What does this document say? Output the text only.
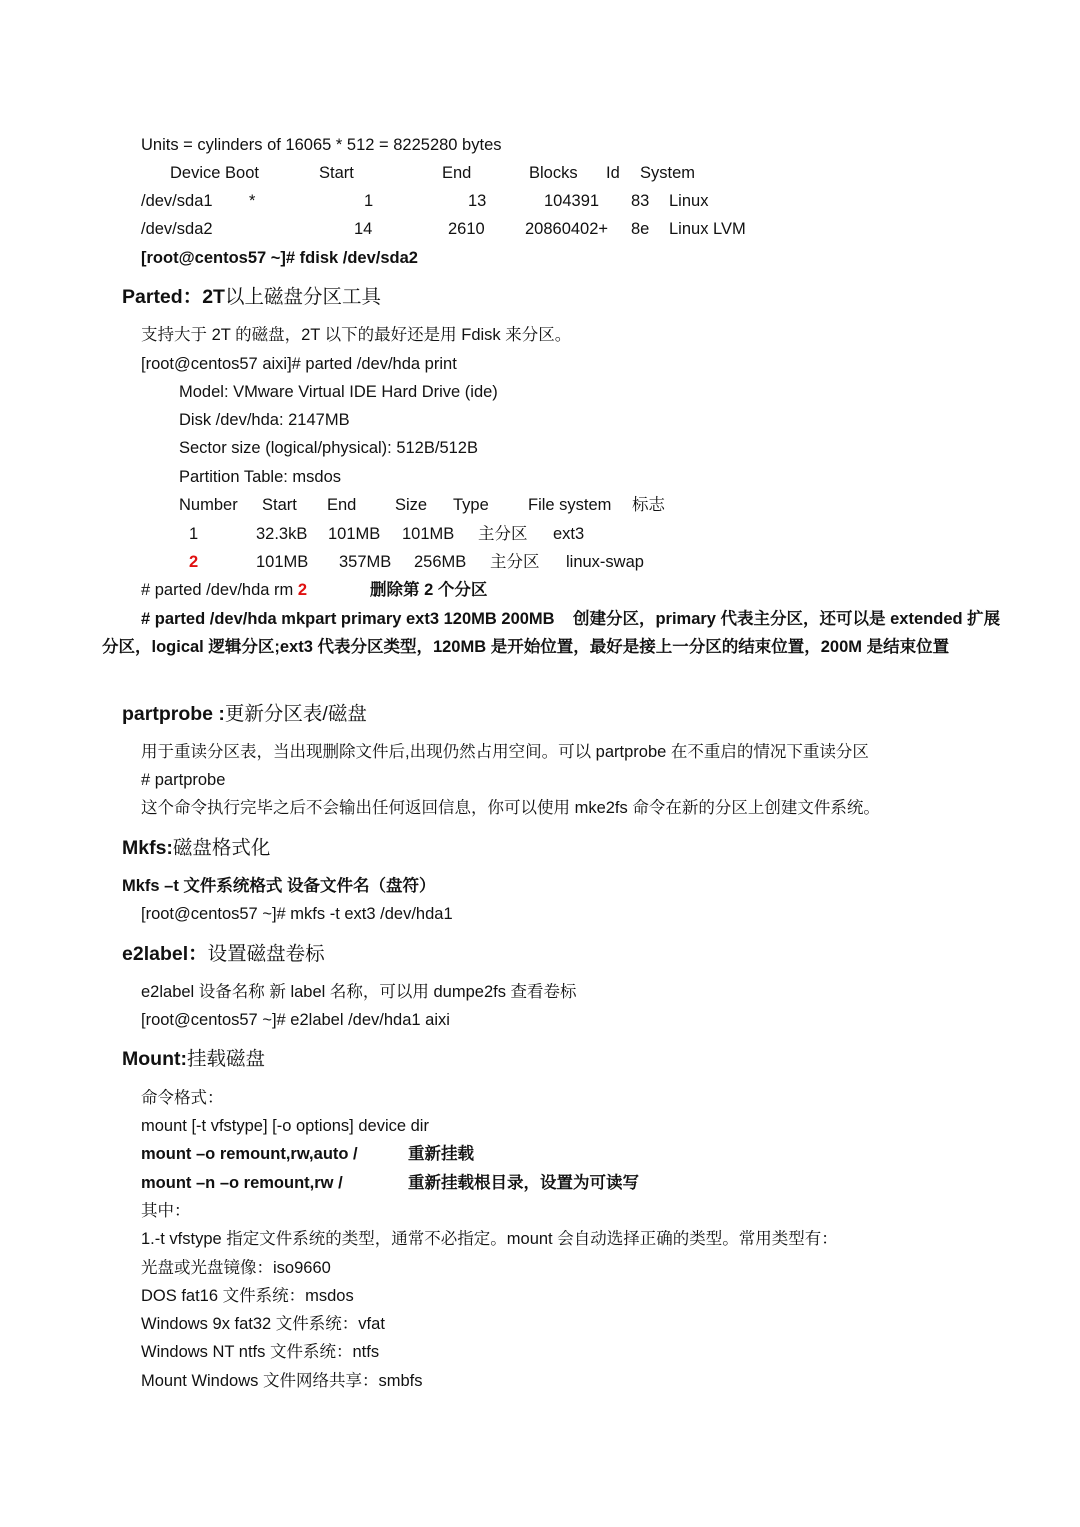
Units = cylinders of 16065 * 512 = 8225280 bytes
Device Boot	Start	End	Blocks Id System
/dev/sda1 *	1	13	104391 83 Linux
/dev/sda2	14	2610 20860402+ 8e Linux LVM
[root@centos57 ~]# fdisk /dev/sda2
Parted：2T以上磁盘分区工具
支持大于 2T 的磁盘，2T 以下的最好还是用 Fdisk 来分区。
[root@centos57 aixi]# parted /dev/hda print
Model: VMware Virtual IDE Hard Drive (ide)
Disk /dev/hda: 2147MB
Sector size (logical/physical): 512B/512B
Partition Table: msdos
Number Start End Size Type File system 标志
1	32.3kB 101MB 101MB 主分区 ext3
2	101MB 357MB 256MB 主分区 linux-swap
# parted /dev/hda rm 2	删除第 2 个分区
# parted /dev/hda mkpart primary ext3 120MB 200MB 创建分区，primary 代表主分区，还可以是 extended 扩展分区，logical 逻辑分区;ext3 代表分区类型，120MB 是开始位置，最好是接上一分区的结束位置，200M 是结束位置
partprobe :更新分区表/磁盘
用于重读分区表，当出现删除文件后,出现仍然占用空间。可以 partprobe 在不重启的情况下重读分区
# partprobe
这个命令执行完毕之后不会输出任何返回信息，你可以使用 mke2fs 命令在新的分区上创建文件系统。
Mkfs:磁盘格式化
Mkfs –t 文件系统格式 设备文件名（盘符）
[root@centos57 ~]# mkfs -t ext3 /dev/hda1
e2label：设置磁盘卷标
e2label 设备名称 新 label 名称，可以用 dumpe2fs 查看卷标
[root@centos57 ~]# e2label /dev/hda1 aixi
Mount:挂载磁盘
命令格式：
mount [-t vfstype] [-o options] device dir
mount –o remount,rw,auto /	重新挂载
mount –n –o remount,rw /	重新挂载根目录，设置为可读写
其中：
1.-t vfstype 指定文件系统的类型，通常不必指定。mount 会自动选择正确的类型。常用类型有：
光盘或光盘镜像：iso9660
DOS fat16 文件系统：msdos
Windows 9x fat32 文件系统：vfat
Windows NT ntfs 文件系统：ntfs
Mount Windows 文件网络共享：smbfs
